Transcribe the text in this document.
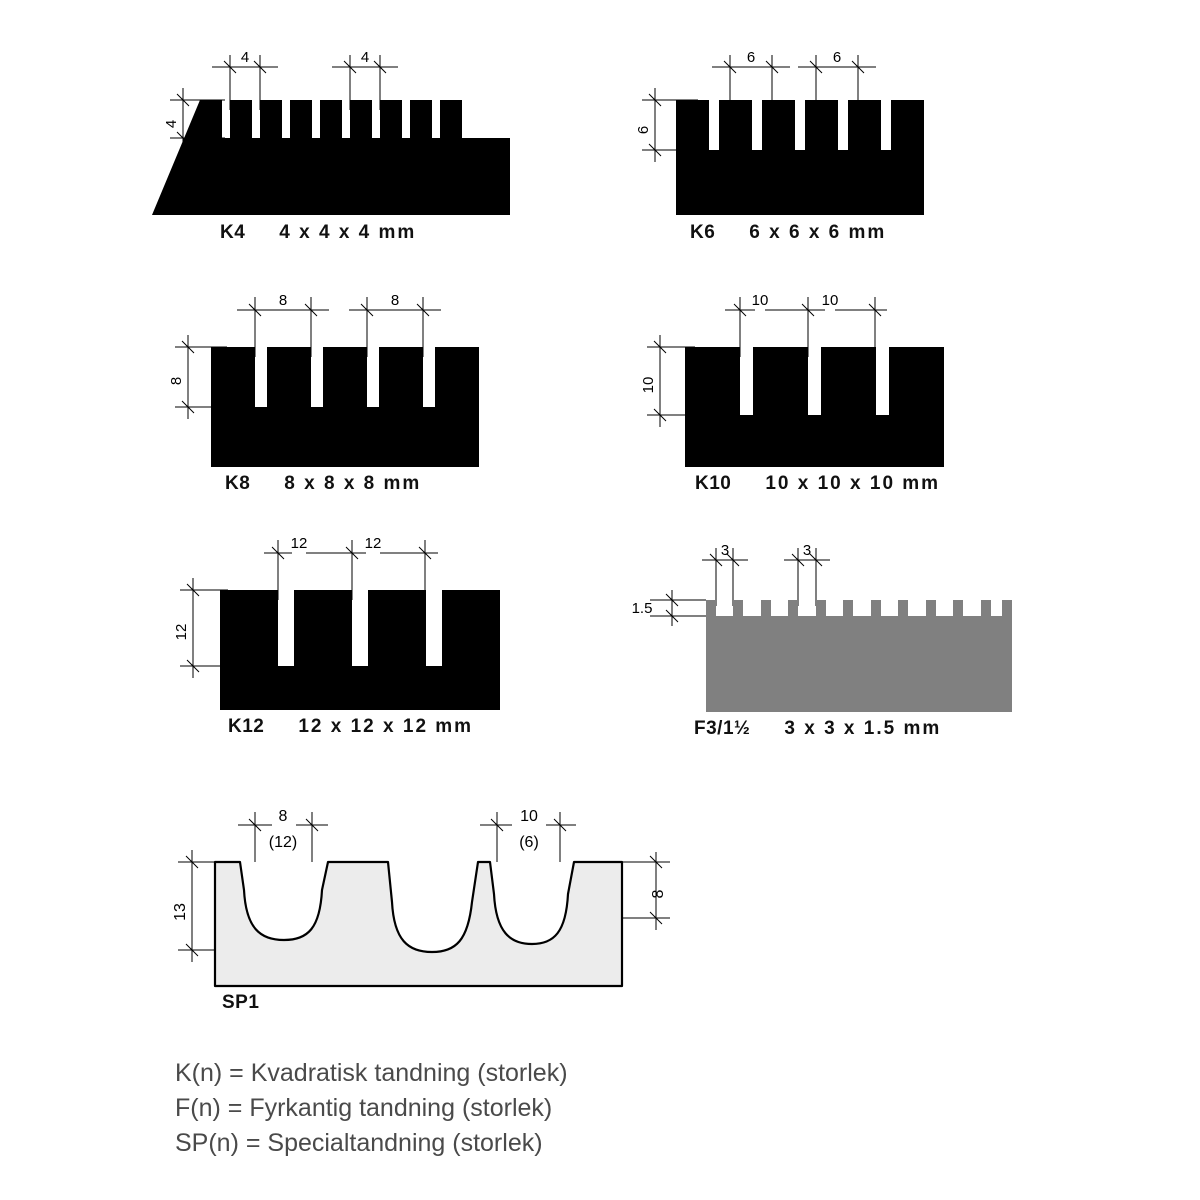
4	4
4
K4 4 x 4 x 4 mm
6	6
6
K6 6 x 6 x 6 mm
8	8
8
K8 8 x 8 x 8 mm
10	10
10
K10 10 x 10 x 10 mm
12	12
12
K12 12 x 12 x 12 mm
3	3
1.5
F3/1½ 3 x 3 x 1.5 mm
8
(12)
10
(6)
13
8
SP1
K(n) = Kvadratisk tandning (storlek)
F(n) = Fyrkantig tandning (storlek)
SP(n) = Specialtandning (storlek)
